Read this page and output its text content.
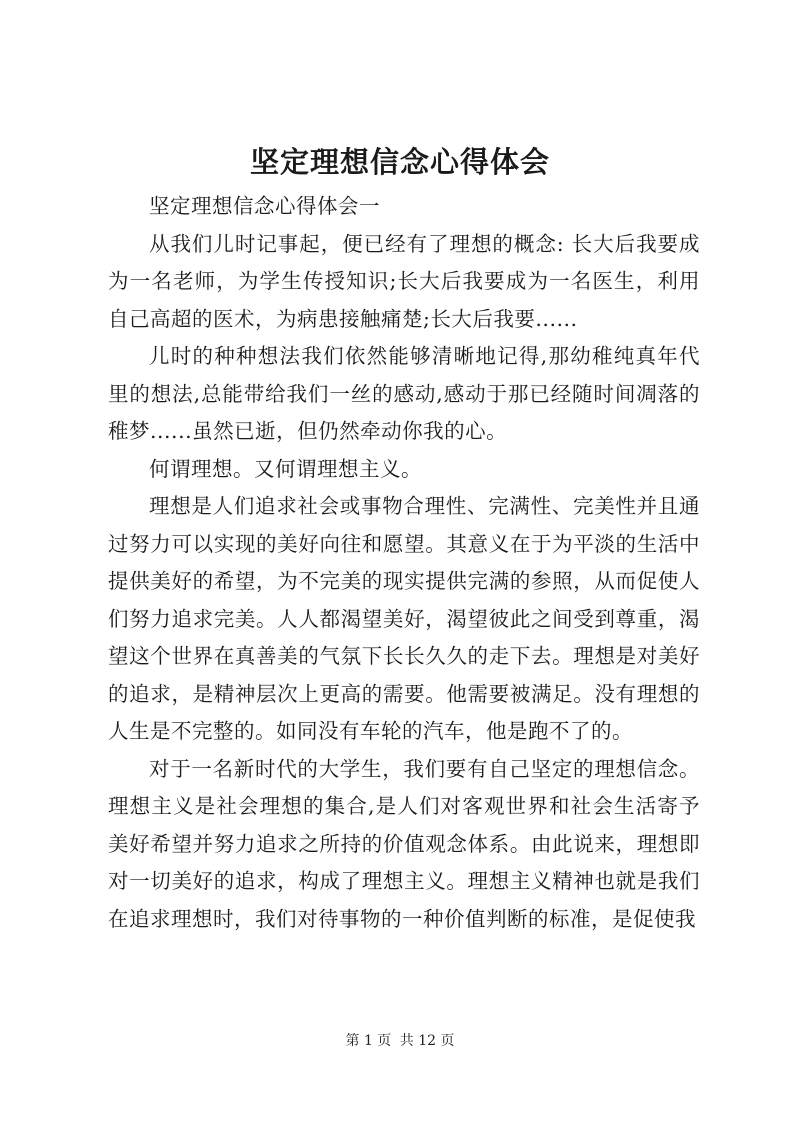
坚定理想信念心得体会

坚定理想信念心得体会一

从我们儿时记事起，便已经有了理想的概念: 长大后我要成为一名老师，为学生传授知识;长大后我要成为一名医生，利用自己高超的医术，为病患接触痛楚;长大后我要......

儿时的种种想法我们依然能够清晰地记得,那幼稚纯真年代里的想法,总能带给我们一丝的感动,感动于那已经随时间凋落的稚梦......虽然已逝，但仍然牵动你我的心。

何谓理想。又何谓理想主义。

理想是人们追求社会或事物合理性、完满性、完美性并且通过努力可以实现的美好向往和愿望。其意义在于为平淡的生活中提供美好的希望，为不完美的现实提供完满的参照，从而促使人们努力追求完美。人人都渴望美好，渴望彼此之间受到尊重，渴望这个世界在真善美的气氛下长长久久的走下去。理想是对美好的追求，是精神层次上更高的需要。他需要被满足。没有理想的人生是不完整的。如同没有车轮的汽车，他是跑不了的。

对于一名新时代的大学生，我们要有自己坚定的理想信念。理想主义是社会理想的集合,是人们对客观世界和社会生活寄予美好希望并努力追求之所持的价值观念体系。由此说来，理想即对一切美好的追求，构成了理想主义。理想主义精神也就是我们在追求理想时，我们对待事物的一种价值判断的标准，是促使我

第 1 页 共 12 页
